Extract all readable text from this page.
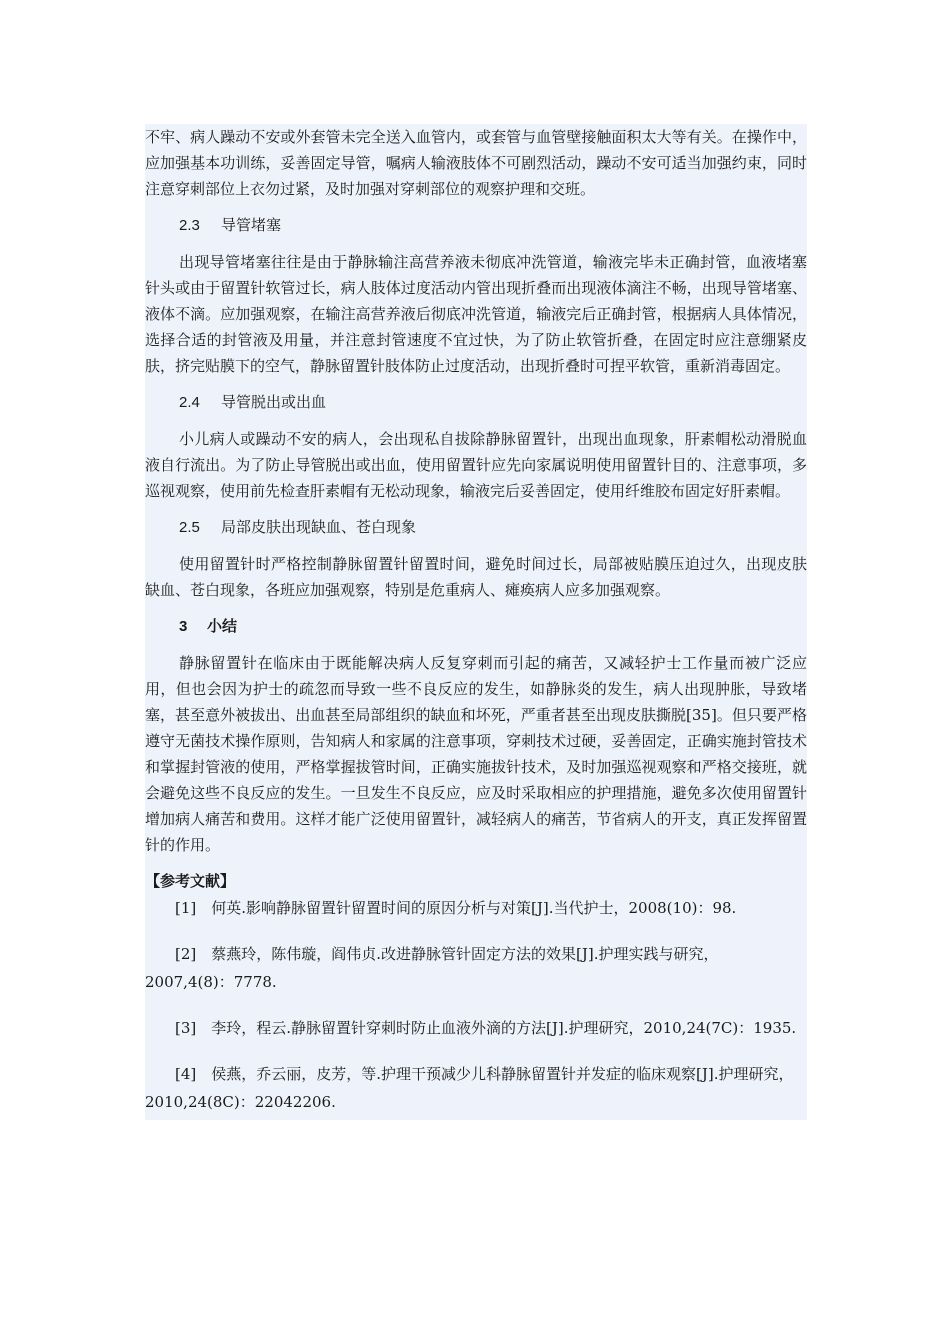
不牢、病人躁动不安或外套管未完全送入血管内，或套管与血管壁接触面积太大等有关。在操作中，应加强基本功训练，妥善固定导管，嘱病人输液肢体不可剧烈活动，躁动不安可适当加强约束，同时注意穿刺部位上衣勿过紧，及时加强对穿刺部位的观察护理和交班。

2.3 导管堵塞

出现导管堵塞往往是由于静脉输注高营养液未彻底冲洗管道，输液完毕未正确封管，血液堵塞针头或由于留置针软管过长，病人肢体过度活动内管出现折叠而出现液体滴注不畅，出现导管堵塞、液体不滴。应加强观察，在输注高营养液后彻底冲洗管道，输液完后正确封管，根据病人具体情况，选择合适的封管液及用量，并注意封管速度不宜过快，为了防止软管折叠，在固定时应注意绷紧皮肤，挤完贴膜下的空气，静脉留置针肢体防止过度活动，出现折叠时可捏平软管，重新消毒固定。

2.4 导管脱出或出血

小儿病人或躁动不安的病人，会出现私自拔除静脉留置针，出现出血现象，肝素帽松动滑脱血液自行流出。为了防止导管脱出或出血，使用留置针应先向家属说明使用留置针目的、注意事项，多巡视观察，使用前先检查肝素帽有无松动现象，输液完后妥善固定，使用纤维胶布固定好肝素帽。

2.5 局部皮肤出现缺血、苍白现象

使用留置针时严格控制静脉留置针留置时间，避免时间过长，局部被贴膜压迫过久，出现皮肤缺血、苍白现象，各班应加强观察，特别是危重病人、瘫痪病人应多加强观察。

3 小结

静脉留置针在临床由于既能解决病人反复穿刺而引起的痛苦，又减轻护士工作量而被广泛应用，但也会因为护士的疏忽而导致一些不良反应的发生，如静脉炎的发生，病人出现肿胀，导致堵塞，甚至意外被拔出、出血甚至局部组织的缺血和坏死，严重者甚至出现皮肤撕脱[35]。但只要严格遵守无菌技术操作原则，告知病人和家属的注意事项，穿刺技术过硬，妥善固定，正确实施封管技术和掌握封管液的使用，严格掌握拔管时间，正确实施拔针技术，及时加强巡视观察和严格交接班，就会避免这些不良反应的发生。一旦发生不良反应，应及时采取相应的护理措施，避免多次使用留置针增加病人痛苦和费用。这样才能广泛使用留置针，减轻病人的痛苦，节省病人的开支，真正发挥留置针的作用。

【参考文献】

[1]　何英.影响静脉留置针留置时间的原因分析与对策[J].当代护士，2008(10)：98.

[2]　蔡燕玲，陈伟璇，阎伟贞.改进静脉管针固定方法的效果[J].护理实践与研究，2007,4(8)：7778.

[3]　李玲，程云.静脉留置针穿刺时防止血液外滴的方法[J].护理研究，2010,24(7C)：1935.

[4]　侯燕，乔云丽，皮芳，等.护理干预减少儿科静脉留置针并发症的临床观察[J].护理研究，2010,24(8C)：22042206.
